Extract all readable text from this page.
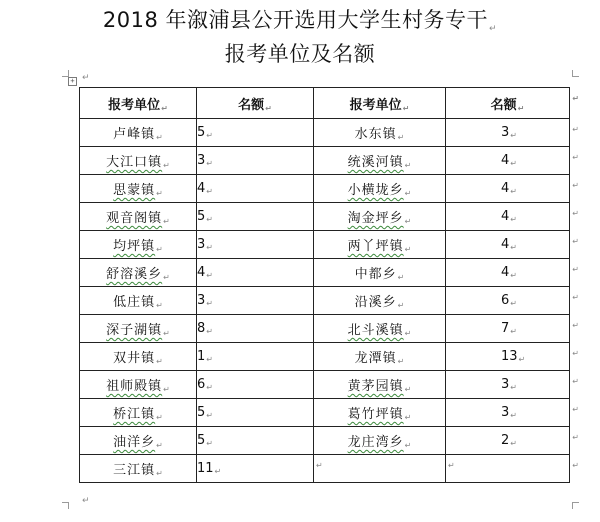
2018 年溆浦县公开选用大学生村务专干↵
报考单位及名额
+ ↵
报考单位↵	名额↵	报考单位↵	名额↵
↵

卢峰镇↵	5↵	水东镇↵	3↵
↵

大江口镇↵	3↵	统溪河镇↵	4↵
↵

思蒙镇↵	4↵	小横垅乡↵	4↵
↵

观音阁镇↵	5↵	淘金坪乡↵	4↵
↵

均坪镇↵	3↵	两丫坪镇↵	4↵
↵

舒溶溪乡↵	4↵	中都乡↵	4↵
↵

低庄镇↵	3↵	沿溪乡↵	6↵
↵

深子湖镇↵	8↵	北斗溪镇↵	7↵
↵

双井镇↵	1↵	龙潭镇↵	13↵
↵

祖师殿镇↵	6↵	黄茅园镇↵	3↵
↵

桥江镇↵	5↵	葛竹坪镇↵	3↵
↵

油洋乡↵	5↵	龙庄湾乡↵	2↵
↵

三江镇↵	11↵	↵	↵ ↵
↵
